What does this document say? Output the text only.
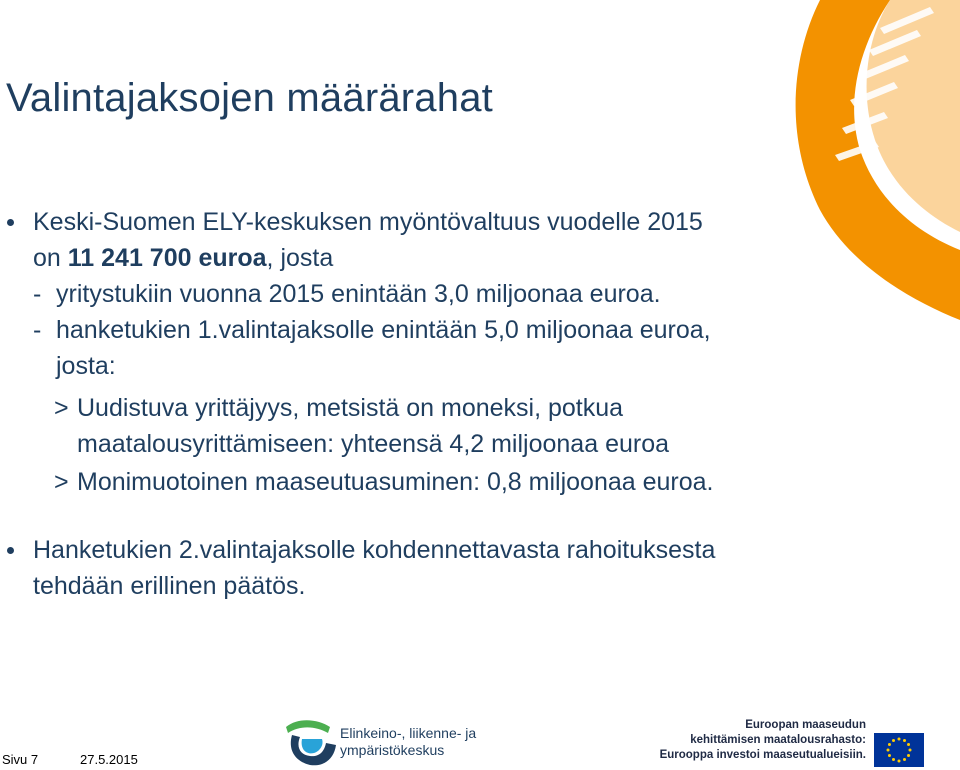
Valintajaksojen määrärahat
Keski-Suomen ELY-keskuksen myöntövaltuus vuodelle 2015
on 11 241 700 euroa, josta
- yritystukiin vuonna 2015 enintään 3,0 miljoonaa euroa.
- hanketukien 1.valintajaksolle enintään 5,0 miljoonaa euroa,
josta:
> Uudistuva yrittäjyys, metsistä on moneksi, potkua
maatalousyrittämiseen: yhteensä 4,2 miljoonaa euroa
> Monimuotoinen maaseutuasuminen: 0,8 miljoonaa euroa.
Hanketukien 2.valintajaksolle kohdennettavasta rahoituksesta
tehdään erillinen päätös.
Sivu 7	27.5.2015
Elinkeino-, liikenne- ja
ympäristökeskus
Euroopan maaseudun
kehittämisen maatalousrahasto:
Eurooppa investoi maaseutualueisiin.
